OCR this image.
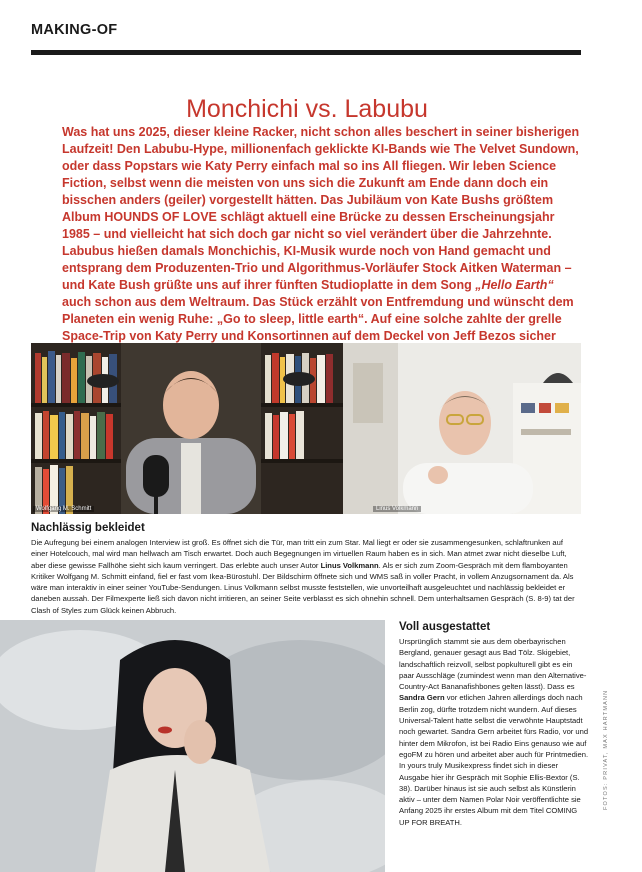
MAKING-OF
Monchichi vs. Labubu
Was hat uns 2025, dieser kleine Racker, nicht schon alles beschert in seiner bisherigen Laufzeit! Den Labubu-Hype, millionenfach geklickte KI-Bands wie The Velvet Sundown, oder dass Popstars wie Katy Perry einfach mal so ins All fliegen. Wir leben Science Fiction, selbst wenn die meisten von uns sich die Zukunft am Ende dann doch ein bisschen anders (geiler) vorgestellt hätten. Das Jubiläum von Kate Bushs größtem Album HOUNDS OF LOVE schlägt aktuell eine Brücke zu dessen Erscheinungsjahr 1985 – und vielleicht hat sich doch gar nicht so viel verändert über die Jahrzehnte. Labubus hießen damals Monchichis, KI-Musik wurde noch von Hand gemacht und entsprang dem Produzenten-Trio und Algorithmus-Vorläufer Stock Aitken Waterman – und Kate Bush grüßte uns auf ihrer fünften Studioplatte in dem Song „Hello Earth“ auch schon aus dem Weltraum. Das Stück erzählt von Entfremdung und wünscht dem Planeten ein wenig Ruhe: „Go to sleep, little earth“. Auf eine solche zahlte der grelle Space-Trip von Katy Perry und Konsortinnen auf dem Deckel von Jeff Bezos sicher
Wolfgang M. Schmitt	Linus Volkmann
Nachlässig bekleidet
Die Aufregung bei einem analogen Interview ist groß. Es öffnet sich die Tür, man tritt ein zum Star. Mal liegt er oder sie zusammengesunken, schlaftrunken auf einer Hotelcouch, mal wird man hellwach am Tisch erwartet. Doch auch Begegnungen im virtuellen Raum haben es in sich. Man atmet zwar nicht dieselbe Luft, aber diese gewisse Fallhöhe sieht sich kaum verringert. Das erlebte auch unser Autor Linus Volkmann. Als er sich zum Zoom-Gespräch mit dem flamboyanten Kritiker Wolfgang M. Schmitt einfand, fiel er fast vom Ikea-Bürostuhl. Der Bildschirm öffnete sich und WMS saß in voller Pracht, in vollem Anzugsornament da. Als wäre man interaktiv in einer seiner YouTube-Sendungen. Linus Volkmann selbst musste feststellen, wie unvorteilhaft ausgeleuchtet und nachlässig bekleidet er daneben aussah. Der Filmexperte ließ sich davon nicht irritieren, an seiner Seite verblasst es sich ohnehin schnell. Dem unterhaltsamen Gespräch (S. 8-9) tat der Clash of Styles zum Glück keinen Abbruch.
Voll ausgestattet
Ursprünglich stammt sie aus dem oberbayrischen Bergland, genauer gesagt aus Bad Tölz. Skigebiet, landschaftlich reizvoll, selbst popkulturell gibt es ein paar Ausschläge (zumindest wenn man den Alternative-Country-Act Bananafishbones gelten lässt). Dass es Sandra Gern vor etlichen Jahren allerdings doch nach Berlin zog, dürfte trotzdem nicht wundern. Auf dieses Universal-Talent hatte selbst die verwöhnte Hauptstadt noch gewartet. Sandra Gern arbeitet fürs Radio, vor und hinter dem Mikrofon, ist bei Radio Eins genauso wie auf egoFM zu hören und arbeitet aber auch für Printmedien. In yours truly Musikexpress findet sich in dieser Ausgabe hier ihr Gespräch mit Sophie Ellis-Bextor (S. 38). Darüber hinaus ist sie auch selbst als Künstlerin aktiv – unter dem Namen Polar Noir veröffentlichte sie Anfang 2025 ihr erstes Album mit dem Titel COMING UP FOR BREATH.
FOTOS: PRIVAT, MAX HARTMANN
